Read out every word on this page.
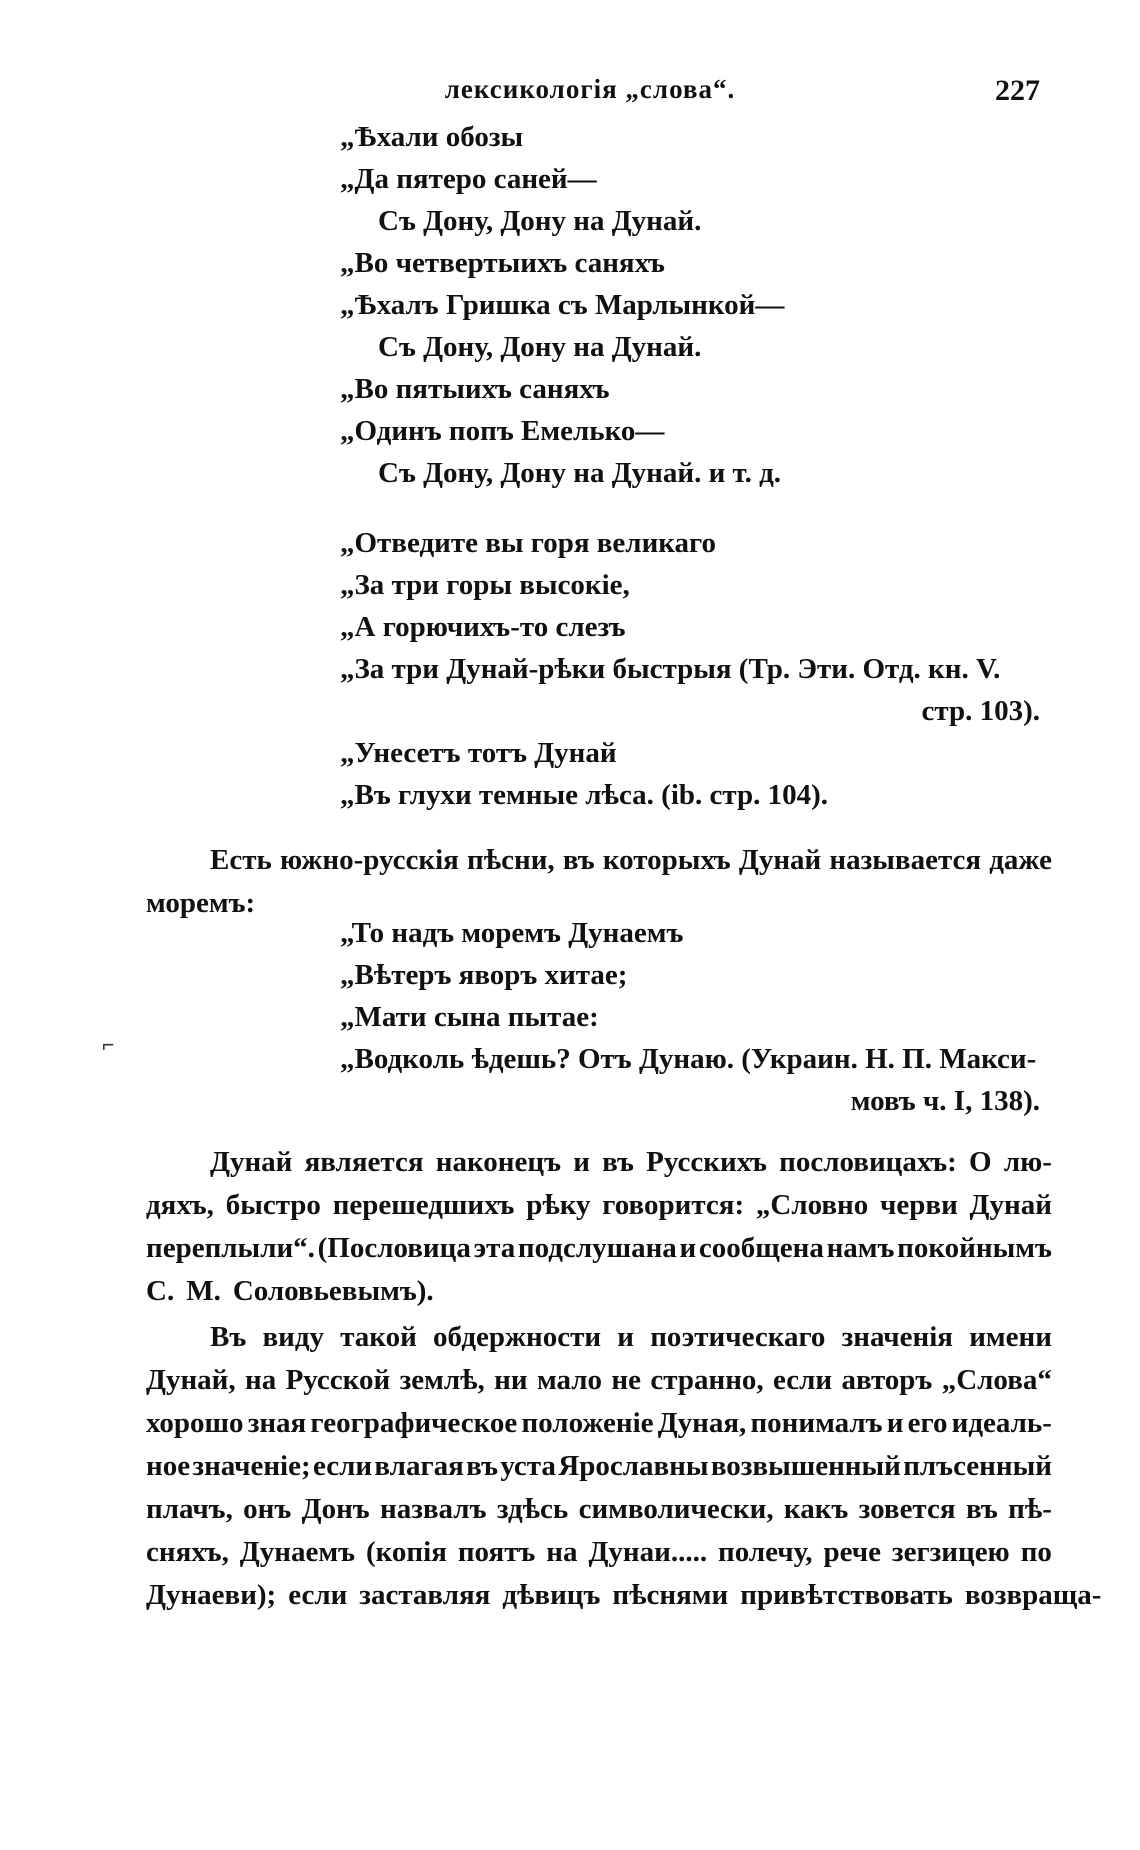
лексикологія „слова“.	227
„Ѣхали обозы
„Да пятеро саней—
Съ Дону, Дону на Дунай.
„Во четвертыихъ саняхъ
„Ѣхалъ Гришка съ Марлынкой—
Съ Дону, Дону на Дунай.
„Во пятыихъ саняхъ
„Одинъ попъ Емелько—
Съ Дону, Дону на Дунай. и т. д.
„Отведите вы горя великаго
„За три горы высокіе,
„А горючихъ-то слезъ
„За три Дунай-рѣки быстрыя (Тр. Эти. Отд. кн. V.
стр. 103).
„Унесетъ тотъ Дунай
„Въ глухи темные лѣса. (ib. стр. 104).
Есть южно-русскія пѣсни, въ которыхъ Дунай называется даже
моремъ:
„То надъ моремъ Дунаемъ
„Вѣтеръ яворъ хитае;
„Мати сына пытае:
„Водколь ѣдешь? Отъ Дунаю. (Украин. Н. П. Макси-
мовъ ч. I, 138).
Дунай является наконецъ и въ Русскихъ пословицахъ: О лю-
дяхъ, быстро перешедшихъ рѣку говорится: „Словно черви Дунай
переплыли“. (Пословица эта подслушана и сообщена намъ покойнымъ
С. М. Соловьевымъ).
Въ виду такой обдержности и поэтическаго значенія имени
Дунай, на Русской землѣ, ни мало не странно, если авторъ „Слова“
хорошо зная географическое положеніе Дуная, понималъ и его идеаль-
ное значеніе; если влагая въ уста Ярославны возвышенный плъсенный
плачъ, онъ Донъ назвалъ здѣсь символически, какъ зовется въ пѣ-
сняхъ, Дунаемъ (копія поятъ на Дунаи..... полечу, рече зегзицею по
Дунаеви); если заставляя дѣвицъ пѣснями привѣтствовать возвраща-
⌐
